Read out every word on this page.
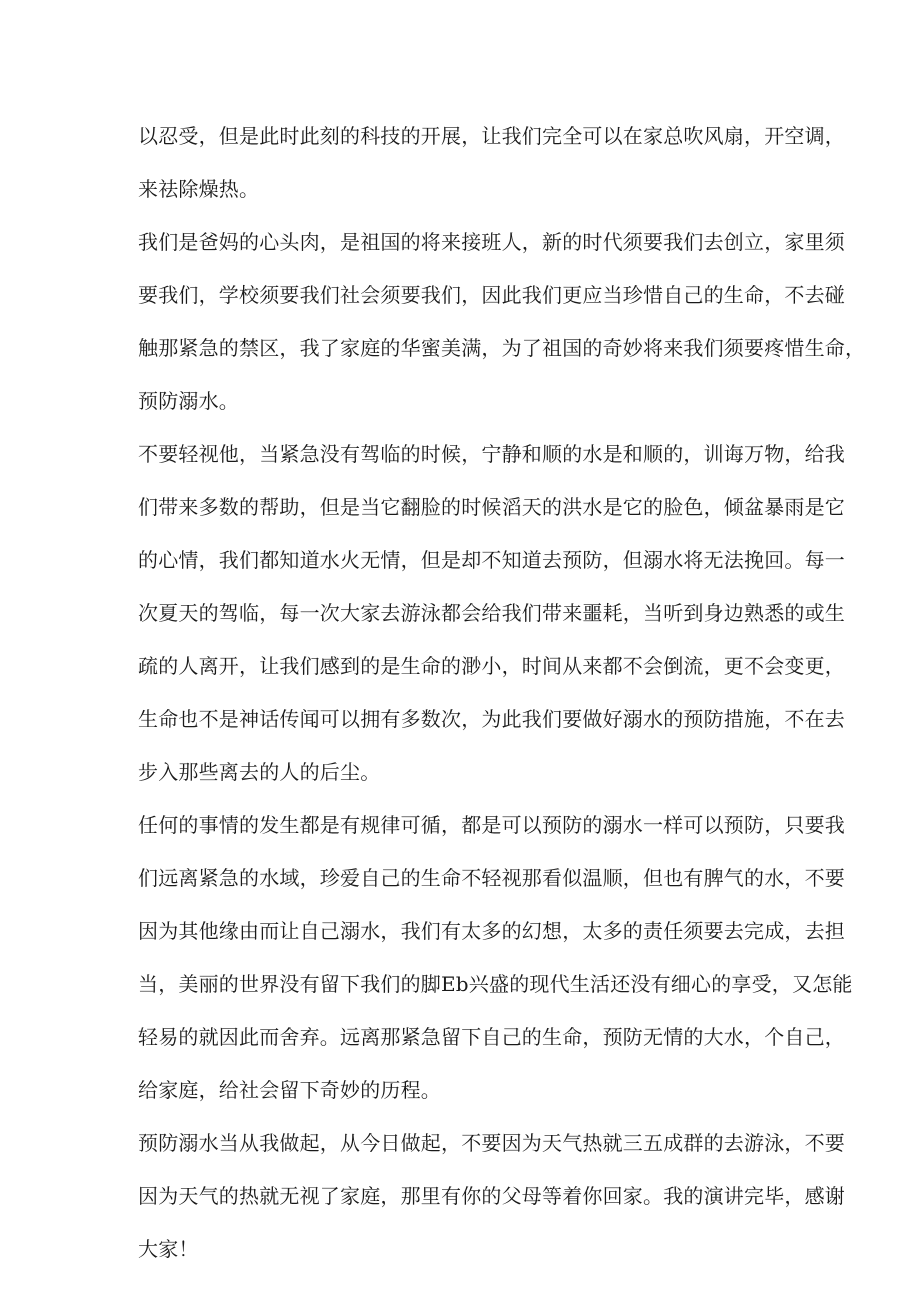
以忍受，但是此时此刻的科技的开展，让我们完全可以在家总吹风扇，开空调，
来祛除燥热。
我们是爸妈的心头肉，是祖国的将来接班人，新的时代须要我们去创立，家里须
要我们，学校须要我们社会须要我们，因此我们更应当珍惜自己的生命，不去碰
触那紧急的禁区，我了家庭的华蜜美满，为了祖国的奇妙将来我们须要疼惜生命，
预防溺水。
不要轻视他，当紧急没有驾临的时候，宁静和顺的水是和顺的，训诲万物，给我
们带来多数的帮助，但是当它翻脸的时候滔天的洪水是它的脸色，倾盆暴雨是它
的心情，我们都知道水火无情，但是却不知道去预防，但溺水将无法挽回。每一
次夏天的驾临，每一次大家去游泳都会给我们带来噩耗，当听到身边熟悉的或生
疏的人离开，让我们感到的是生命的渺小，时间从来都不会倒流，更不会变更，
生命也不是神话传闻可以拥有多数次，为此我们要做好溺水的预防措施，不在去
步入那些离去的人的后尘。
任何的事情的发生都是有规律可循，都是可以预防的溺水一样可以预防，只要我
们远离紧急的水域，珍爱自己的生命不轻视那看似温顺，但也有脾气的水，不要
因为其他缘由而让自己溺水，我们有太多的幻想，太多的责任须要去完成，去担
当，美丽的世界没有留下我们的脚Eb兴盛的现代生活还没有细心的享受，又怎能
轻易的就因此而舍弃。远离那紧急留下自己的生命，预防无情的大水，个自己，
给家庭，给社会留下奇妙的历程。
预防溺水当从我做起，从今日做起，不要因为天气热就三五成群的去游泳，不要
因为天气的热就无视了家庭，那里有你的父母等着你回家。我的演讲完毕，感谢
大家！
